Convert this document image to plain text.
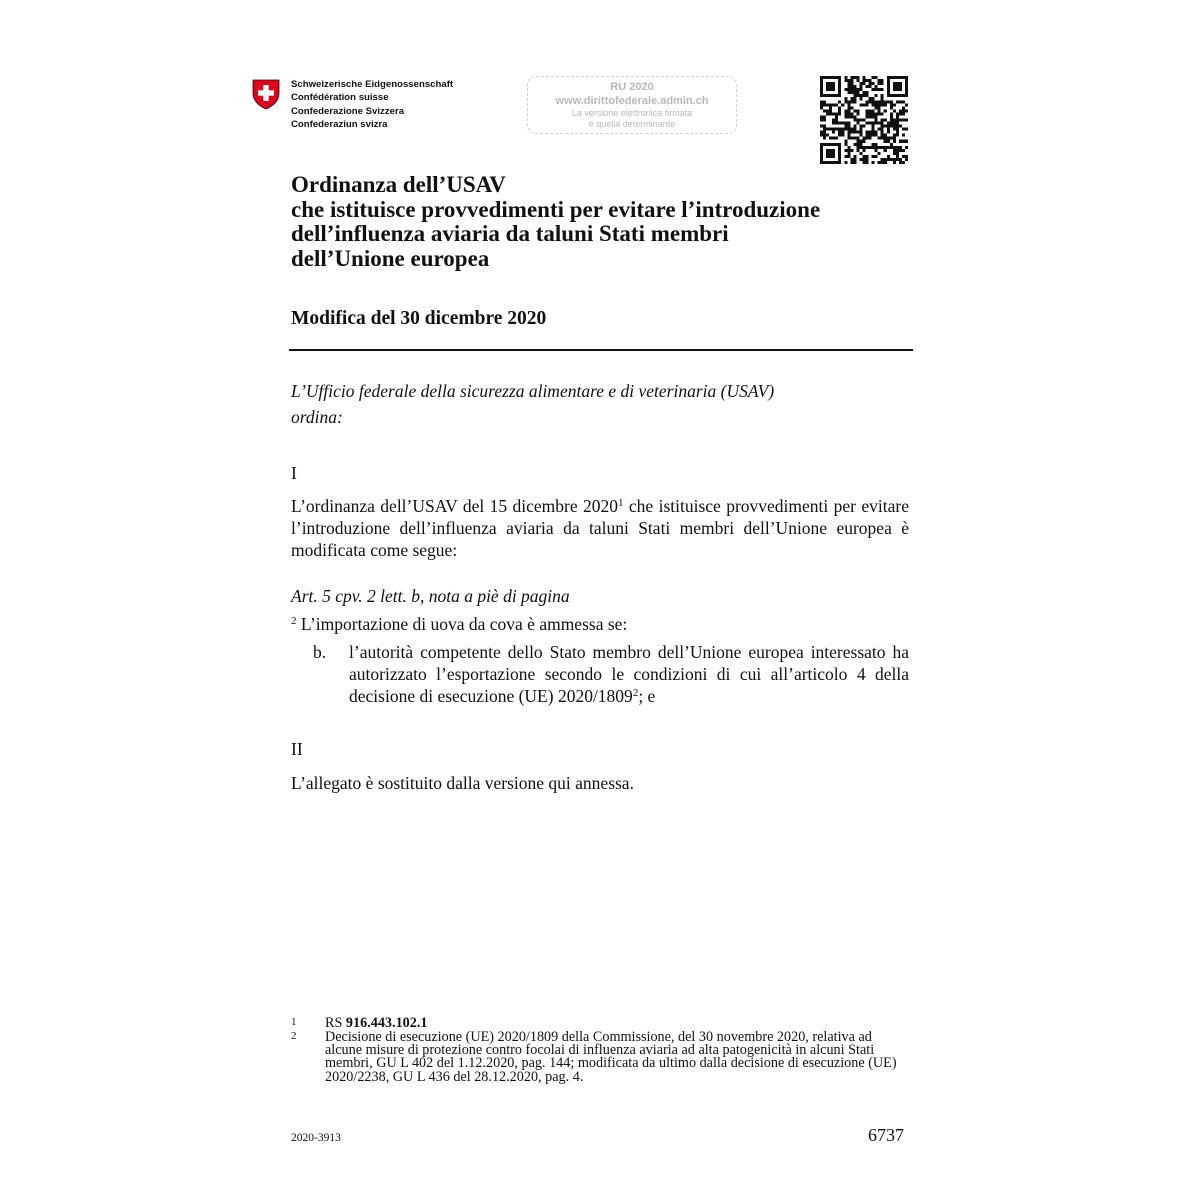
Schweizerische Eidgenossenschaft
Confédération suisse
Confederazione Svizzera
Confederaziun svizra
RU 2020
www.dirittofederale.admin.ch
La versione elettronica firmata
è quella determinante
Ordinanza dell’USAV
che istituisce provvedimenti per evitare l’introduzione
dell’influenza aviaria da taluni Stati membri
dell’Unione europea
Modifica del 30 dicembre 2020
L’Ufficio federale della sicurezza alimentare e di veterinaria (USAV)
ordina:
I
L’ordinanza dell’USAV del 15 dicembre 2020$^1$ che istituisce provvedimenti per evitare l’introduzione dell’influenza aviaria da taluni Stati membri dell’Unione europea è modificata come segue:
Art. 5 cpv. 2 lett. b, nota a piè di pagina
$^2$ L’importazione di uova da cova è ammessa se:
b. l’autorità competente dello Stato membro dell’Unione europea interessato ha autorizzato l’esportazione secondo le condizioni di cui all’articolo 4 della decisione di esecuzione (UE) 2020/1809$^2$; e
II
L’allegato è sostituito dalla versione qui annessa.
1 RS 916.443.102.1
2 Decisione di esecuzione (UE) 2020/1809 della Commissione, del 30 novembre 2020, relativa ad alcune misure di protezione contro focolai di influenza aviaria ad alta patogenicità in alcuni Stati membri, GU L 402 del 1.12.2020, pag. 144; modificata da ultimo dalla decisione di esecuzione (UE) 2020/2238, GU L 436 del 28.12.2020, pag. 4.
2020-3913	6737
